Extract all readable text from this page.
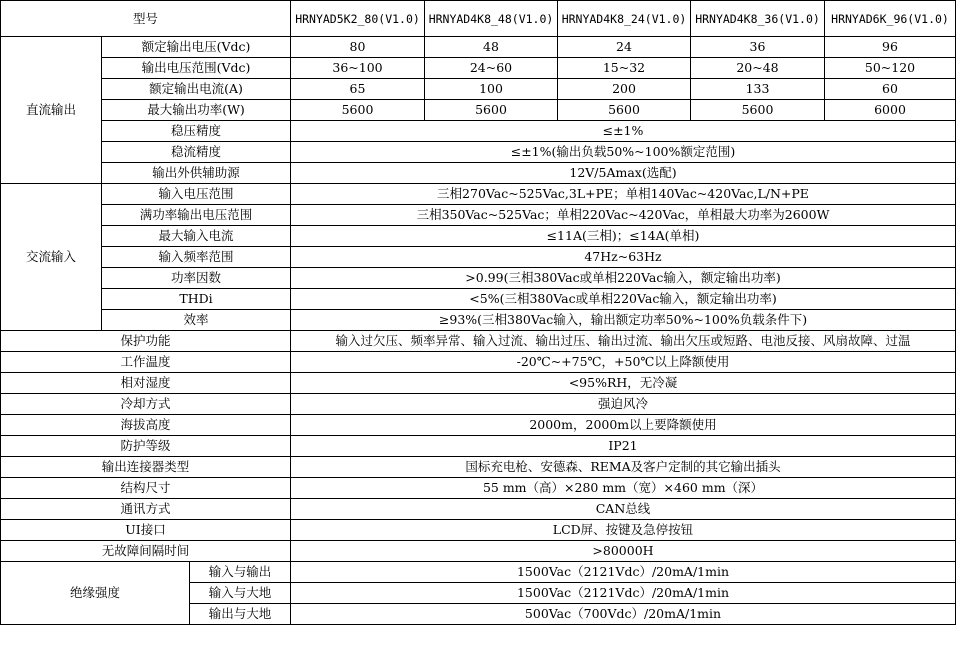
型号			HRNYAD5K2_80(V1.0)	HRNYAD4K8_48(V1.0)	HRNYAD4K8_24(V1.0)	HRNYAD4K8_36(V1.0)	HRNYAD6K_96(V1.0)
直流输出	额定输出电压(Vdc)		80	48	24	36	96
	输出电压范围(Vdc)		36~100	24~60	15~32	20~48	50~120
	额定输出电流(A)		65	100	200	133	60
	最大输出功率(W)		5600	5600	5600	5600	6000
	稳压精度		≤±1%				
	稳流精度		≤±1%(输出负载50%~100%额定范围)				
	输出外供辅助源		12V/5Amax(选配)				
交流输入	输入电压范围		三相270Vac~525Vac,3L+PE；单相140Vac~420Vac,L/N+PE				
	满功率输出电压范围		三相350Vac~525Vac；单相220Vac~420Vac，单相最大功率为2600W				
	最大输入电流		≤11A(三相)；≤14A(单相)				
	输入频率范围		47Hz~63Hz				
	功率因数		>0.99(三相380Vac或单相220Vac输入，额定输出功率)				
	THDi		<5%(三相380Vac或单相220Vac输入，额定输出功率)				
	效率		≥93%(三相380Vac输入，输出额定功率50%~100%负载条件下)				
保护功能			输入过欠压、频率异常、输入过流、输出过压、输出过流、输出欠压或短路、电池反接、风扇故障、过温				
工作温度			-20℃~+75℃，+50℃以上降额使用				
相对湿度			<95%RH，无冷凝				
冷却方式			强迫风冷				
海拔高度			2000m，2000m以上要降额使用				
防护等级			IP21				
输出连接器类型			国标充电枪、安德森、REMA及客户定制的其它输出插头				
结构尺寸			55 mm（高）×280 mm（宽）×460 mm（深）				
通讯方式			CAN总线				
UI接口			LCD屏、按键及急停按钮				
无故障间隔时间			>80000H				
绝缘强度		输入与输出	1500Vac（2121Vdc）/20mA/1min				
		输入与大地	1500Vac（2121Vdc）/20mA/1min				
		输出与大地	500Vac（700Vdc）/20mA/1min				
